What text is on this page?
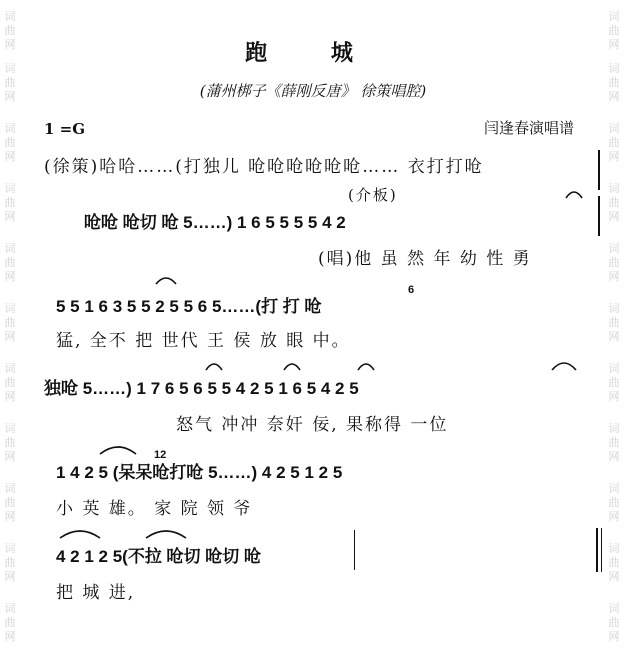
词
曲
网
词
曲
网
词
曲
网
词
曲
网
词
曲
网
词
曲
网
词
曲
网
词
曲
网
词
曲
网
词
曲
网
词
曲
网
词
曲
网
词
曲
网
词
曲
网
词
曲
网
词
曲
网
词
曲
网
词
曲
网
词
曲
网
词
曲
网
词
曲
网
词
曲
网
跑 城
(蒲州梆子《薛刚反唐》 徐策唱腔)
1 =G	闫逢春演唱谱
(徐策)哈哈……(打独儿 呛呛呛呛呛呛…… 衣打打呛
(介板)
呛呛 呛切 呛 5……) 1 6 5 5 5 5 4 2
(唱)他 虽 然 年 幼 性 勇
5 5 1 6 3 5 5 2 5 5 6 5……(打 打 呛
猛, 全不 把 世代 王 侯 放 眼 中。
独呛 5……) 1 7 6 5 6 5 5 4 2 5 1 6 5 4 2 5
怒气 冲冲 奈奸 佞, 果称得 一位
1 4 2 5 (呆呆呛打呛 5……) 4 2 5 1 2 5
小 英 雄。 家 院 领 爷
4 2 1 2 5(不拉 呛切 呛切 呛
把 城 进,
6
12
